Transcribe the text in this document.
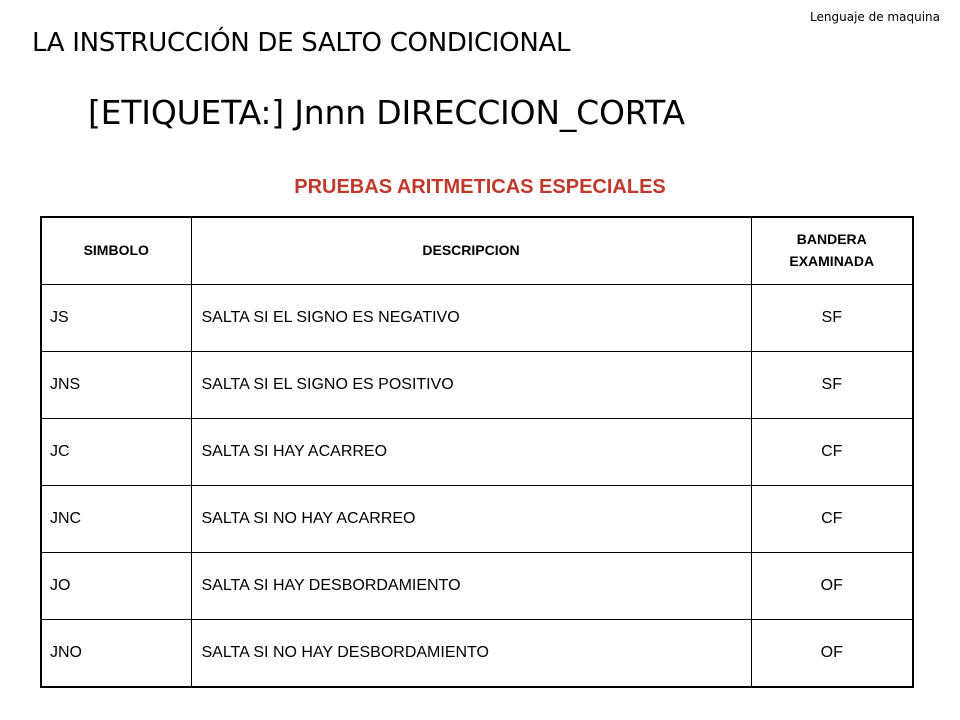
Lenguaje de maquina
LA INSTRUCCIÓN DE SALTO CONDICIONAL
[ETIQUETA:] Jnnn DIRECCION_CORTA
PRUEBAS ARITMETICAS ESPECIALES
SIMBOLO	DESCRIPCION	BANDERA
EXAMINADA
JS	SALTA SI EL SIGNO ES NEGATIVO	SF
JNS	SALTA SI EL SIGNO ES POSITIVO	SF
JC	SALTA SI HAY ACARREO	CF
JNC	SALTA SI NO HAY ACARREO	CF
JO	SALTA SI HAY DESBORDAMIENTO	OF
JNO	SALTA SI NO HAY DESBORDAMIENTO	OF
